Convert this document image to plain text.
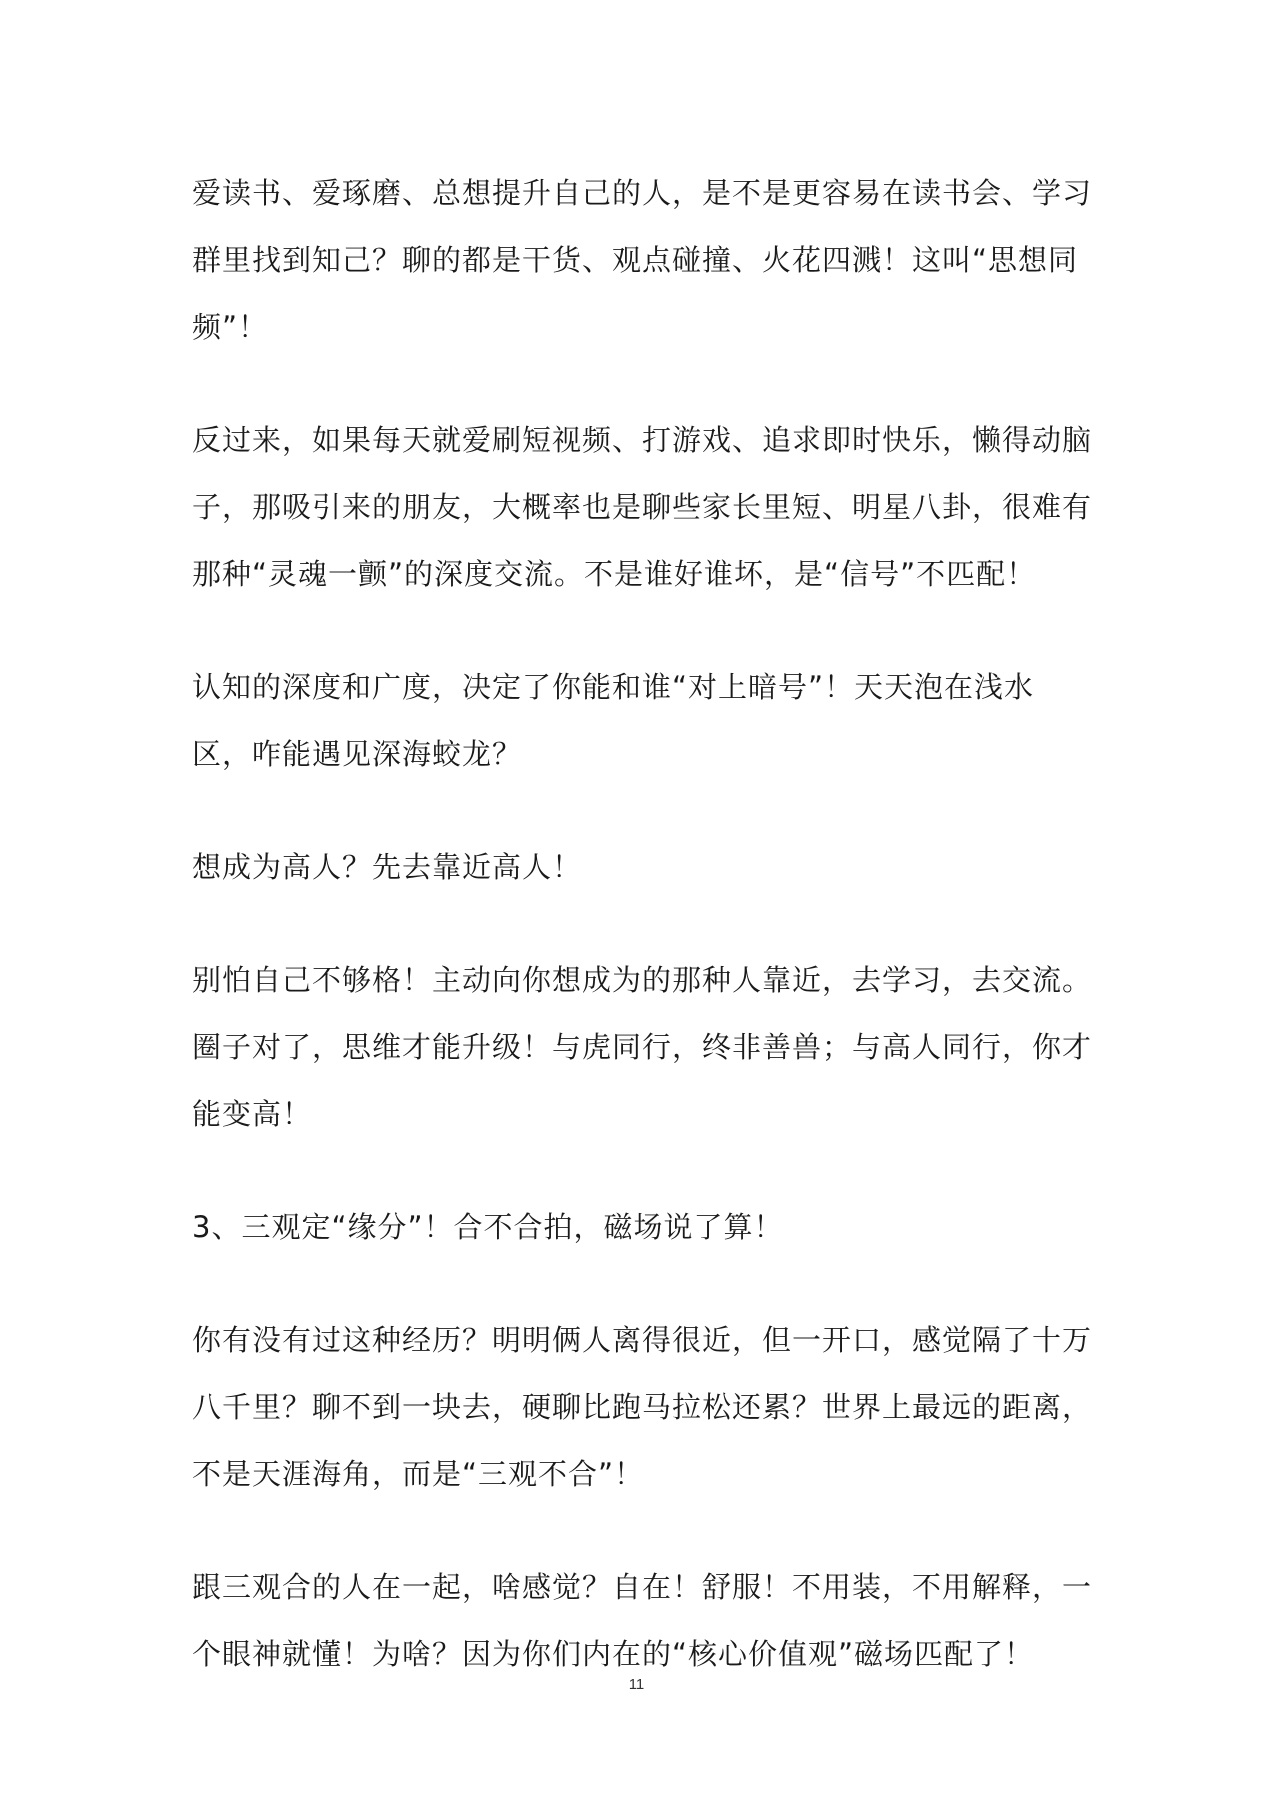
爱读书、爱琢磨、总想提升自己的人，是不是更容易在读书会、学习群里找到知己？聊的都是干货、观点碰撞、火花四溅！这叫“思想同频”！

反过来，如果每天就爱刷短视频、打游戏、追求即时快乐，懒得动脑子，那吸引来的朋友，大概率也是聊些家长里短、明星八卦，很难有那种“灵魂一颤”的深度交流。不是谁好谁坏，是“信号”不匹配！

认知的深度和广度，决定了你能和谁“对上暗号”！天天泡在浅水区，咋能遇见深海蛟龙？

想成为高人？先去靠近高人！

别怕自己不够格！主动向你想成为的那种人靠近，去学习，去交流。圈子对了，思维才能升级！与虎同行，终非善兽；与高人同行，你才能变高！

3、三观定“缘分”！合不合拍，磁场说了算！

你有没有过这种经历？明明俩人离得很近，但一开口，感觉隔了十万八千里？聊不到一块去，硬聊比跑马拉松还累？世界上最远的距离，不是天涯海角，而是“三观不合”！

跟三观合的人在一起，啥感觉？自在！舒服！不用装，不用解释，一个眼神就懂！为啥？因为你们内在的“核心价值观”磁场匹配了！

11
